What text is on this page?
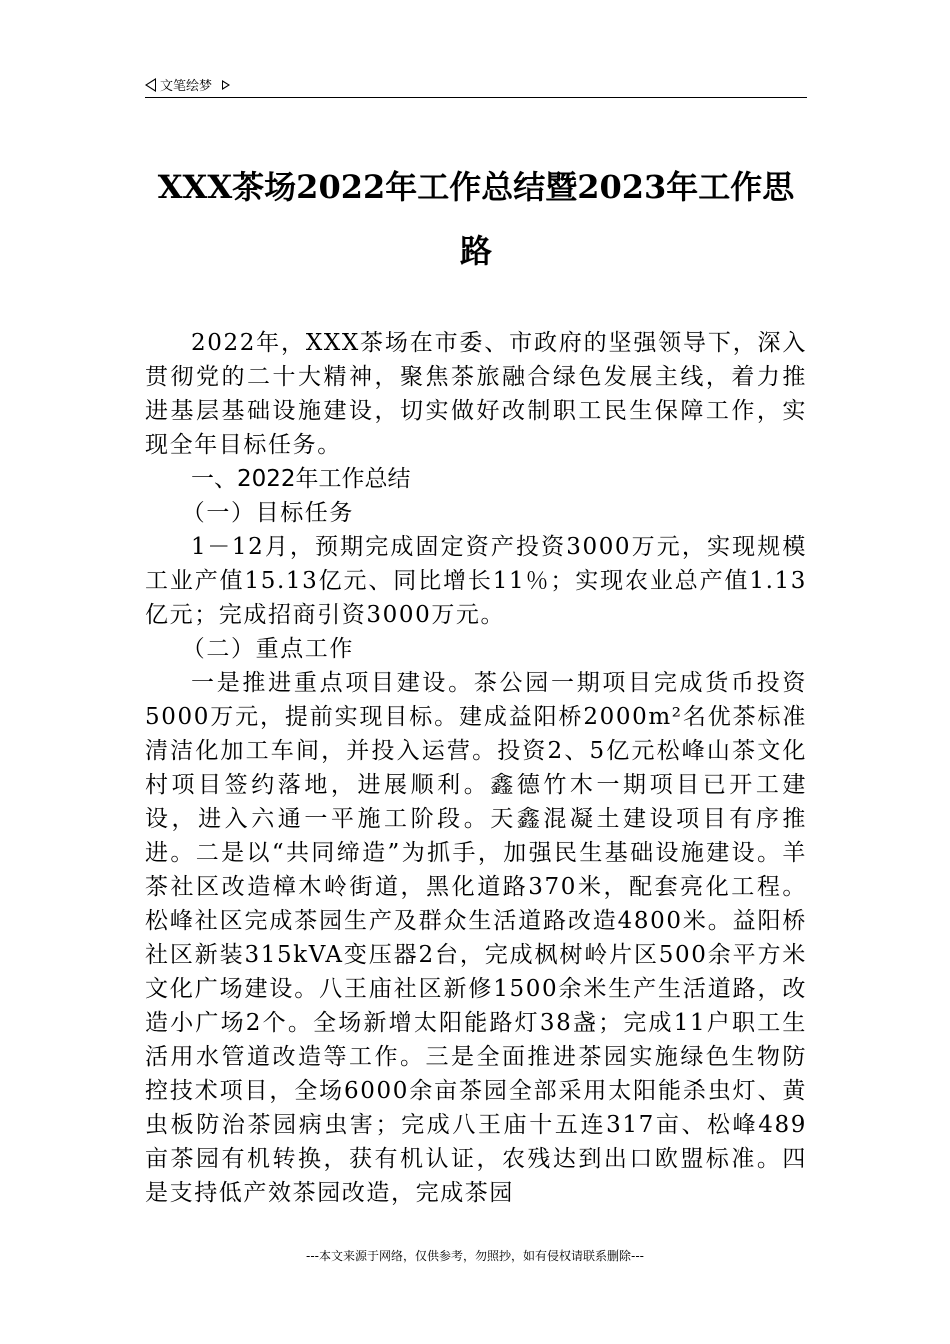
文笔绘梦
XXX茶场2022年工作总结暨2023年工作思路

2022年，XXX茶场在市委、市政府的坚强领导下，深入贯彻党的二十大精神，聚焦茶旅融合绿色发展主线，着力推进基层基础设施建设，切实做好改制职工民生保障工作，实现全年目标任务。

一、2022年工作总结

（一）目标任务

1－12月，预期完成固定资产投资3000万元，实现规模工业产值15.13亿元、同比增长11％；实现农业总产值1.13亿元；完成招商引资3000万元。

（二）重点工作

一是推进重点项目建设。茶公园一期项目完成货币投资5000万元，提前实现目标。建成益阳桥2000m²名优茶标准清洁化加工车间，并投入运营。投资2、5亿元松峰山茶文化村项目签约落地，进展顺利。鑫德竹木一期项目已开工建设，进入六通一平施工阶段。天鑫混凝土建设项目有序推进。二是以“共同缔造”为抓手，加强民生基础设施建设。羊茶社区改造樟木岭街道，黑化道路370米，配套亮化工程。松峰社区完成茶园生产及群众生活道路改造4800米。益阳桥社区新装315kVA变压器2台，完成枫树岭片区500余平方米文化广场建设。八王庙社区新修1500余米生产生活道路，改造小广场2个。全场新增太阳能路灯38盏；完成11户职工生活用水管道改造等工作。三是全面推进茶园实施绿色生物防控技术项目，全场6000余亩茶园全部采用太阳能杀虫灯、黄虫板防治茶园病虫害；完成八王庙十五连317亩、松峰489亩茶园有机转换，获有机认证，农残达到出口欧盟标准。四是支持低产效茶园改造，完成茶园

---本文来源于网络，仅供参考，勿照抄，如有侵权请联系删除---
